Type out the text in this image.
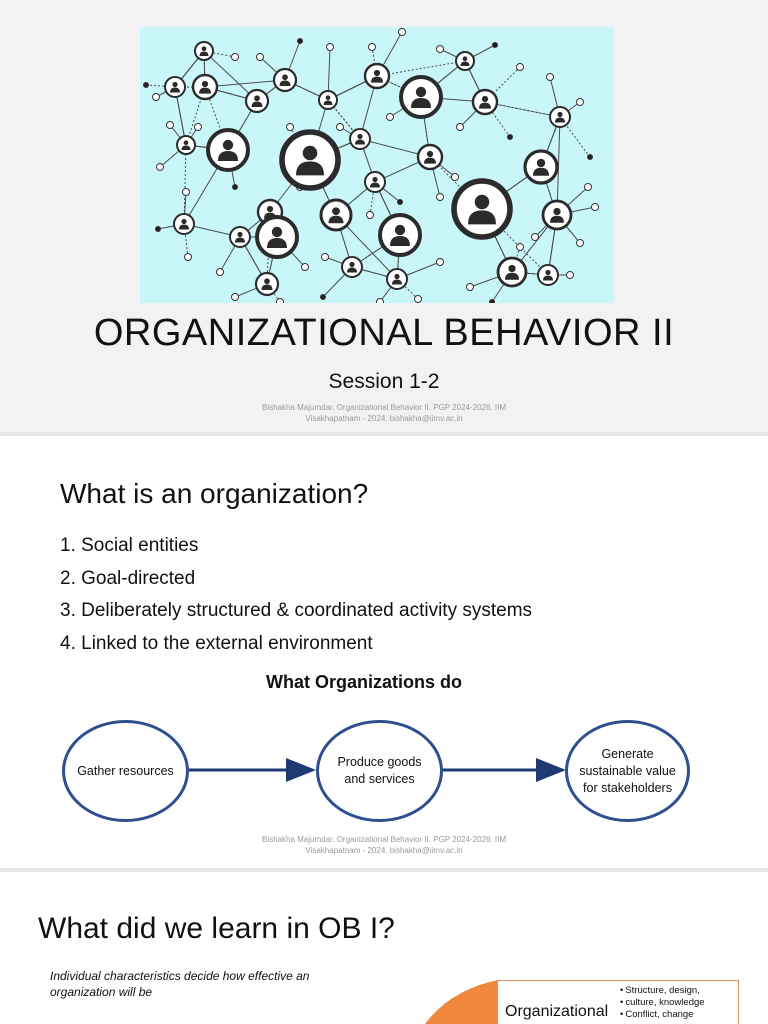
ORGANIZATIONAL BEHAVIOR II
Session 1-2
Bishakha Majumdar. Organizational Behavior II. PGP 2024-2026. IIM Visakhapatnam - 2024. bishakha@iimv.ac.in
What is an organization?
1. Social entities
2. Goal-directed
3. Deliberately structured & coordinated activity systems
4. Linked to the external environment
What Organizations do
Gather resources
Produce goods and services
Generate sustainable value for stakeholders
Bishakha Majumdar. Organizational Behavior II. PGP 2024-2026. IIM Visakhapatnam - 2024. bishakha@iimv.ac.in
What did we learn in OB I?
Individual characteristics decide how effective an organization will be
Organizational
• Structure, design,
• culture, knowledge
• Conflict, change
